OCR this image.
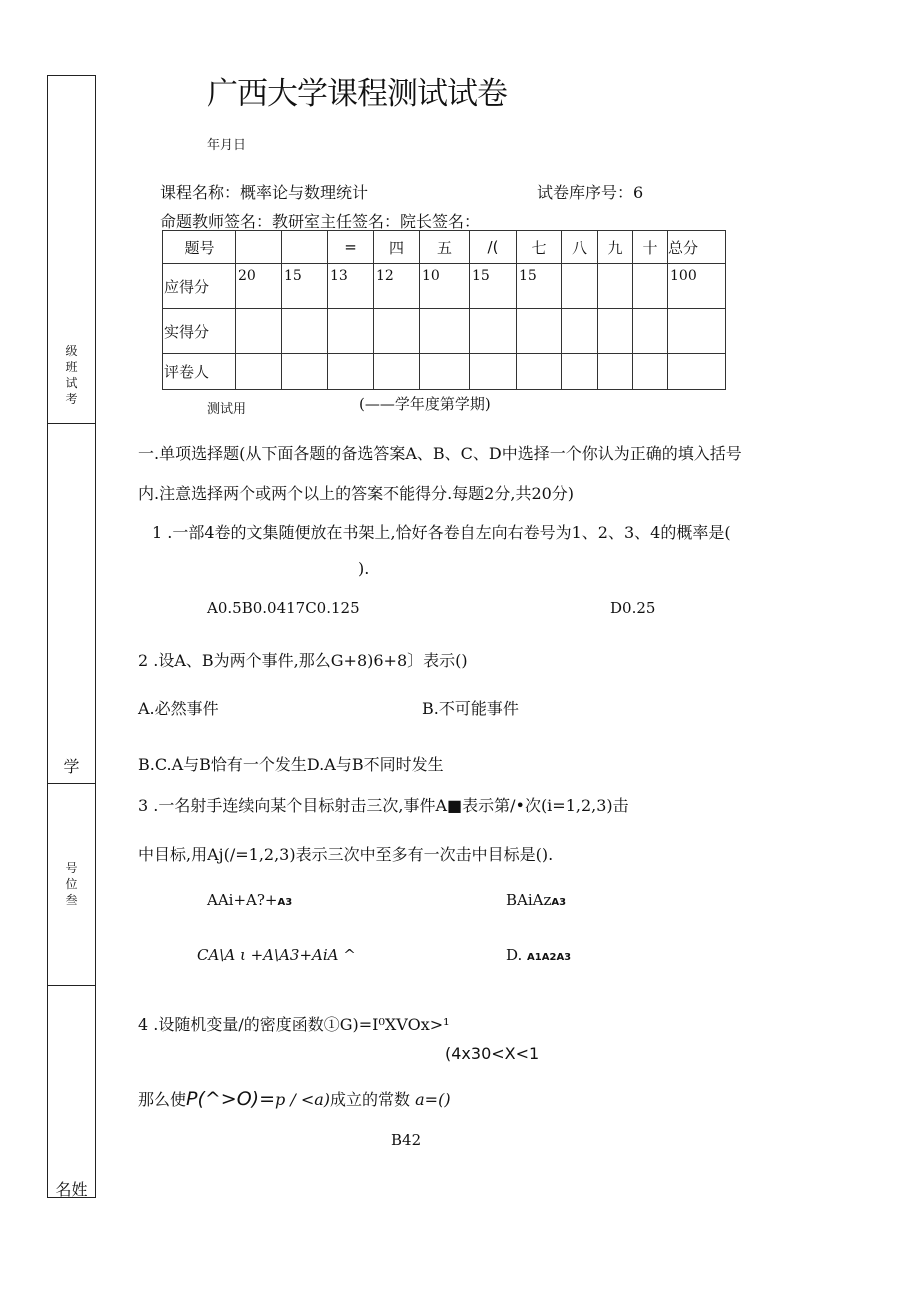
级
班
试
考
学
号
位
叁
名姓
广西大学课程测试试卷
年月日
课程名称：概率论与数理统计	试卷库序号：6
命题教师签名：教研室主任签名：院长签名：
题号			=	四	五	/(	七	八	九	十	总分
应得分	20	15	13	12	10	15	15				100
实得分											
评卷人											
测试用	(——学年度第学期)
一.单项选择题(从下面各题的备选答案A、B、C、D中选择一个你认为正确的填入括号
内.注意选择两个或两个以上的答案不能得分.每题2分,共20分)
1 .一部4卷的文集随便放在书架上,恰好各卷自左向右卷号为1、2、3、4的概率是(
).
A0.5B0.0417C0.125	D0.25
2 .设A、B为两个事件,那么G+8)6+8〕表示()
A.必然事件	B.不可能事件
B.C.A与B恰有一个发生D.A与B不同时发生
3 .一名射手连续向某个目标射击三次,事件A■表示第/•次(i=1,2,3)击
中目标,用Aj(/=1,2,3)表示三次中至多有一次击中目标是().
AAi+A?+A3	BAiAzA3
CA\A ι +A\A3+AiA ^	D. A1A2A3
4 .设随机变量/的密度函数①G)=I⁰XVOx>¹
(4x30<X<1
那么使P(^>O)=p / <a)成立的常数 a=()
B42
